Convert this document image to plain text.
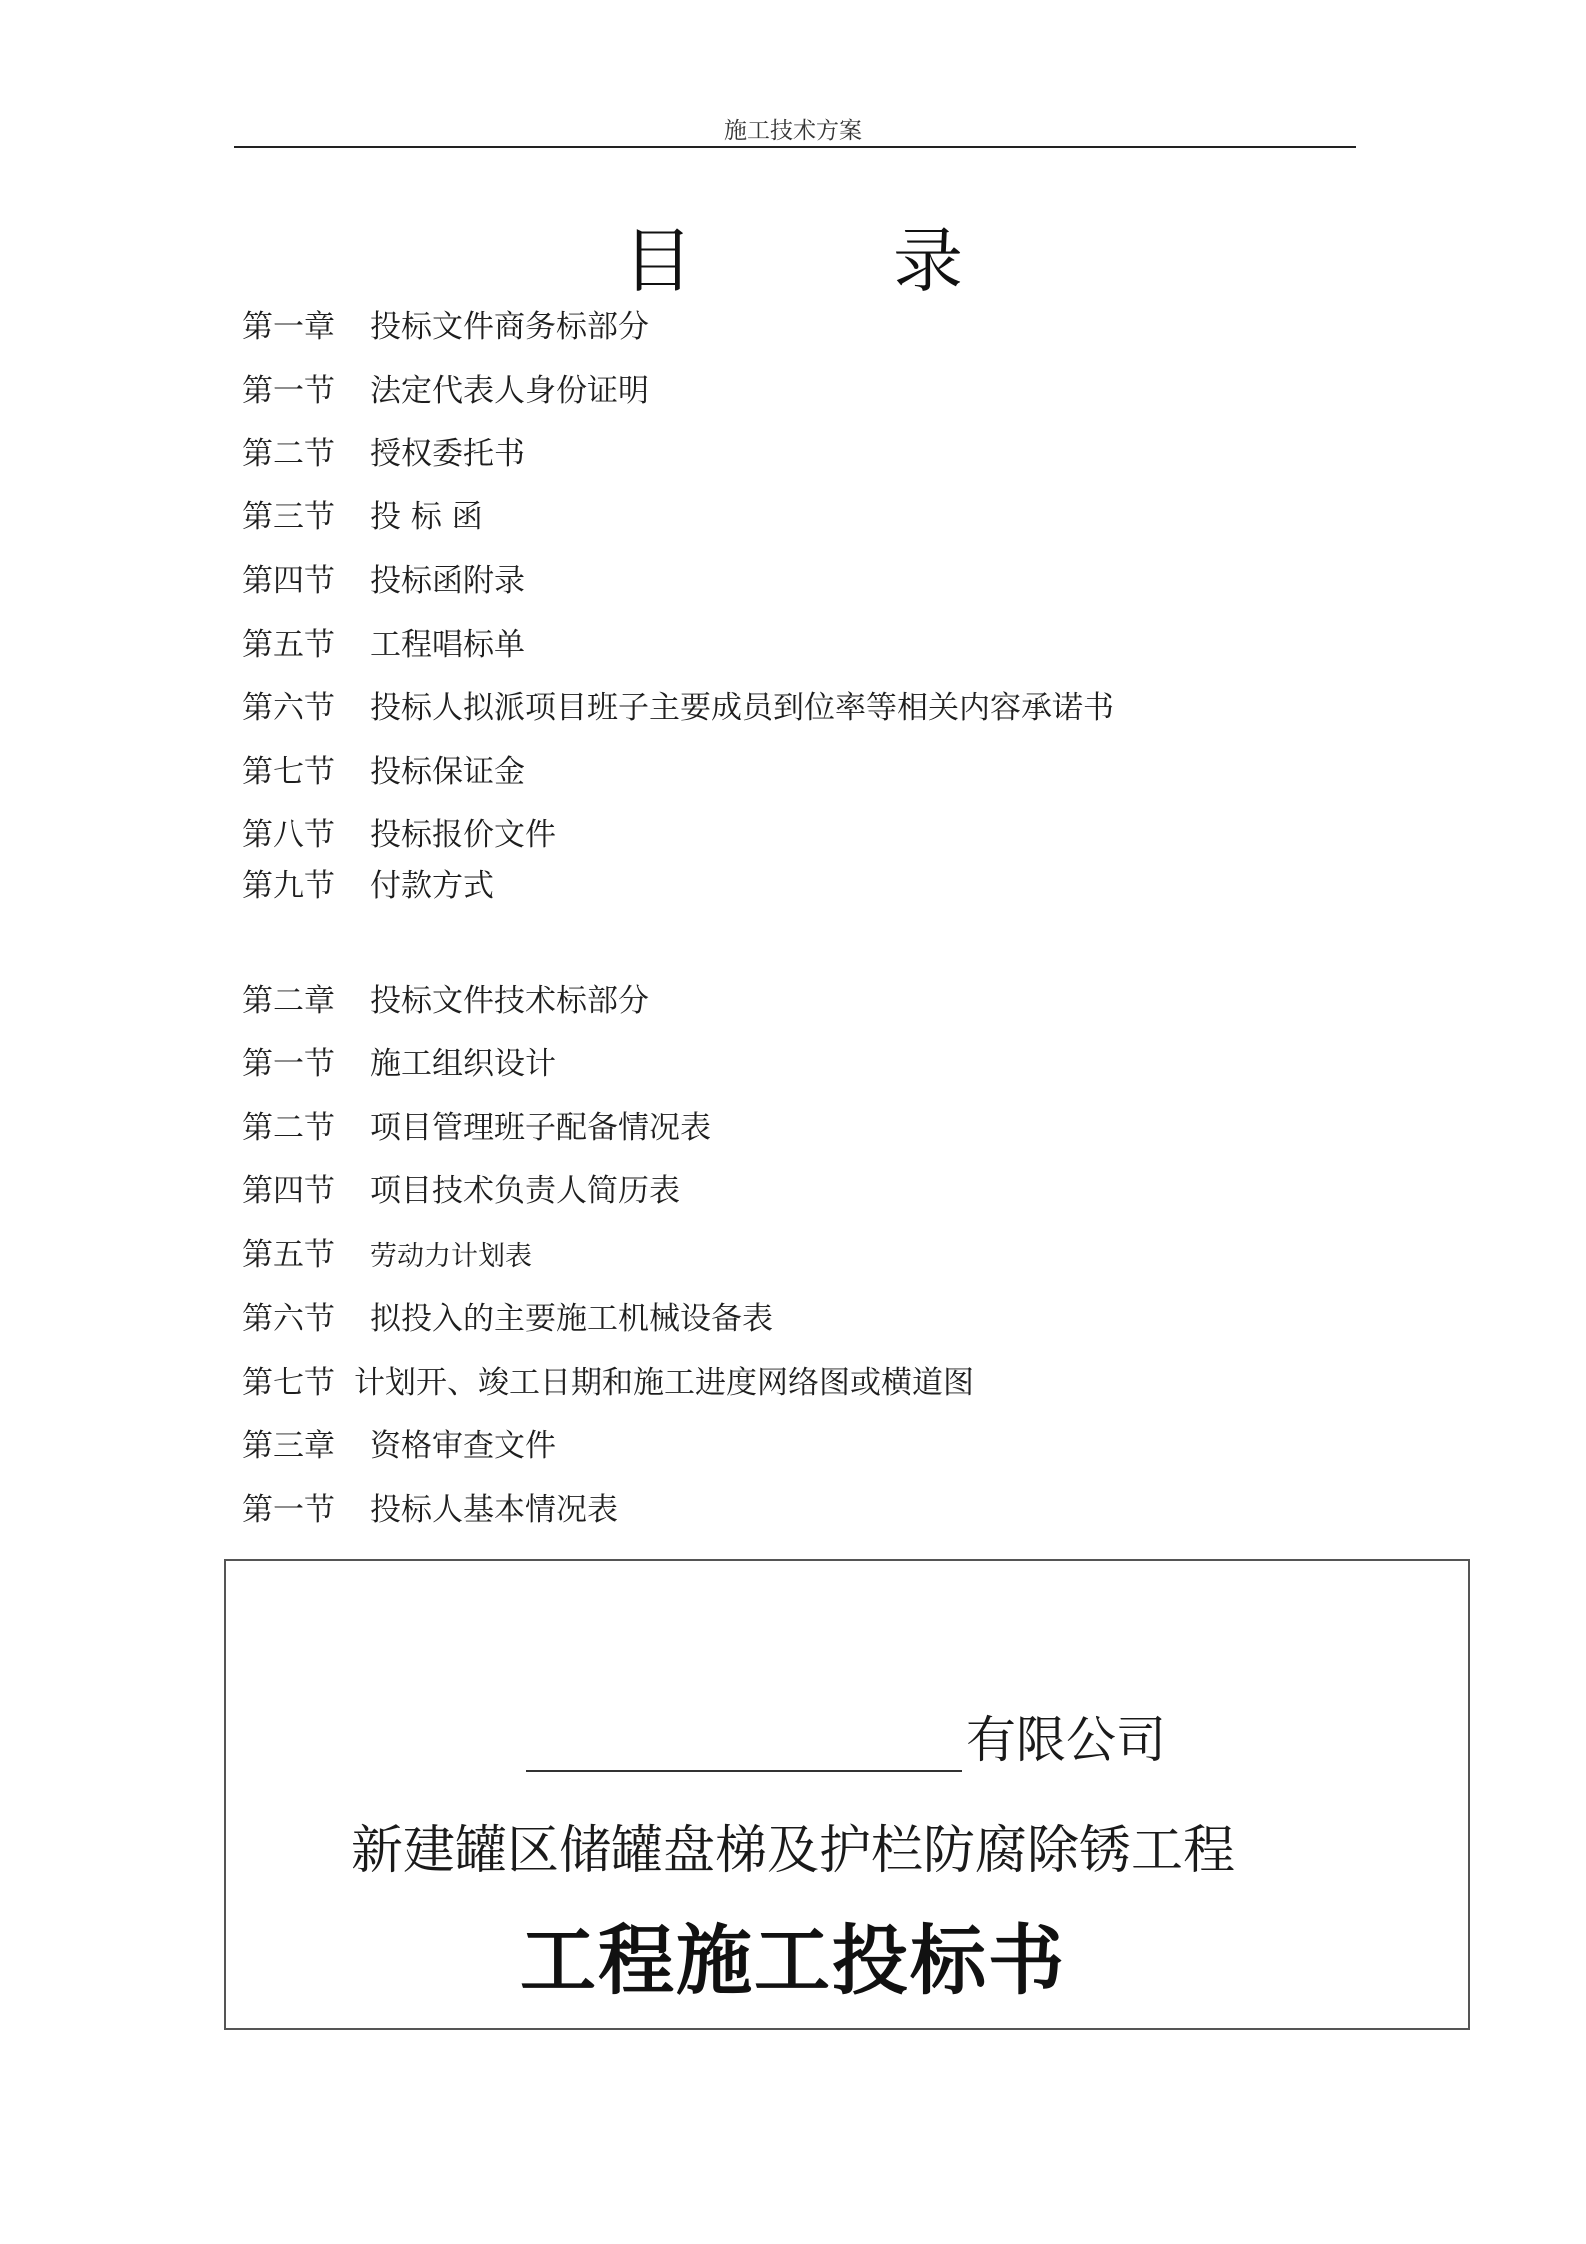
施工技术方案
目录
第一章 投标文件商务标部分
第一节 法定代表人身份证明
第二节 授权委托书
第三节 投 标 函
第四节 投标函附录
第五节 工程唱标单
第六节 投标人拟派项目班子主要成员到位率等相关内容承诺书
第七节 投标保证金
第八节 投标报价文件
第九节 付款方式
第二章 投标文件技术标部分
第一节 施工组织设计
第二节 项目管理班子配备情况表
第四节 项目技术负责人简历表
第五节 劳动力计划表
第六节 拟投入的主要施工机械设备表
第七节 计划开、竣工日期和施工进度网络图或横道图
第三章 资格审查文件
第一节 投标人基本情况表
有限公司
新建罐区储罐盘梯及护栏防腐除锈工程
工程施工投标书
